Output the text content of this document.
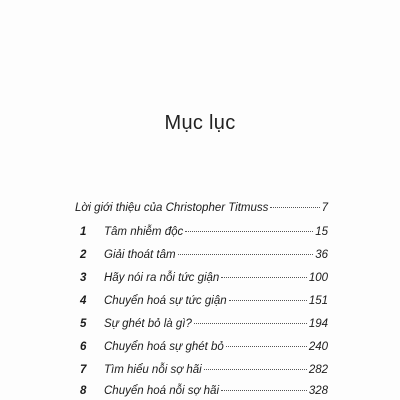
Mục lục
Lời giới thiệu của Christopher Titmuss	7
1	Tâm nhiễm độc	15
2	Giải thoát tâm	36
3	Hãy nói ra nỗi tức giận	100
4	Chuyển hoá sự tức giận	151
5	Sự ghét bỏ là gì?	194
6	Chuyển hoá sự ghét bỏ	240
7	Tìm hiểu nỗi sợ hãi	282
8	Chuyển hoá nỗi sợ hãi	328
